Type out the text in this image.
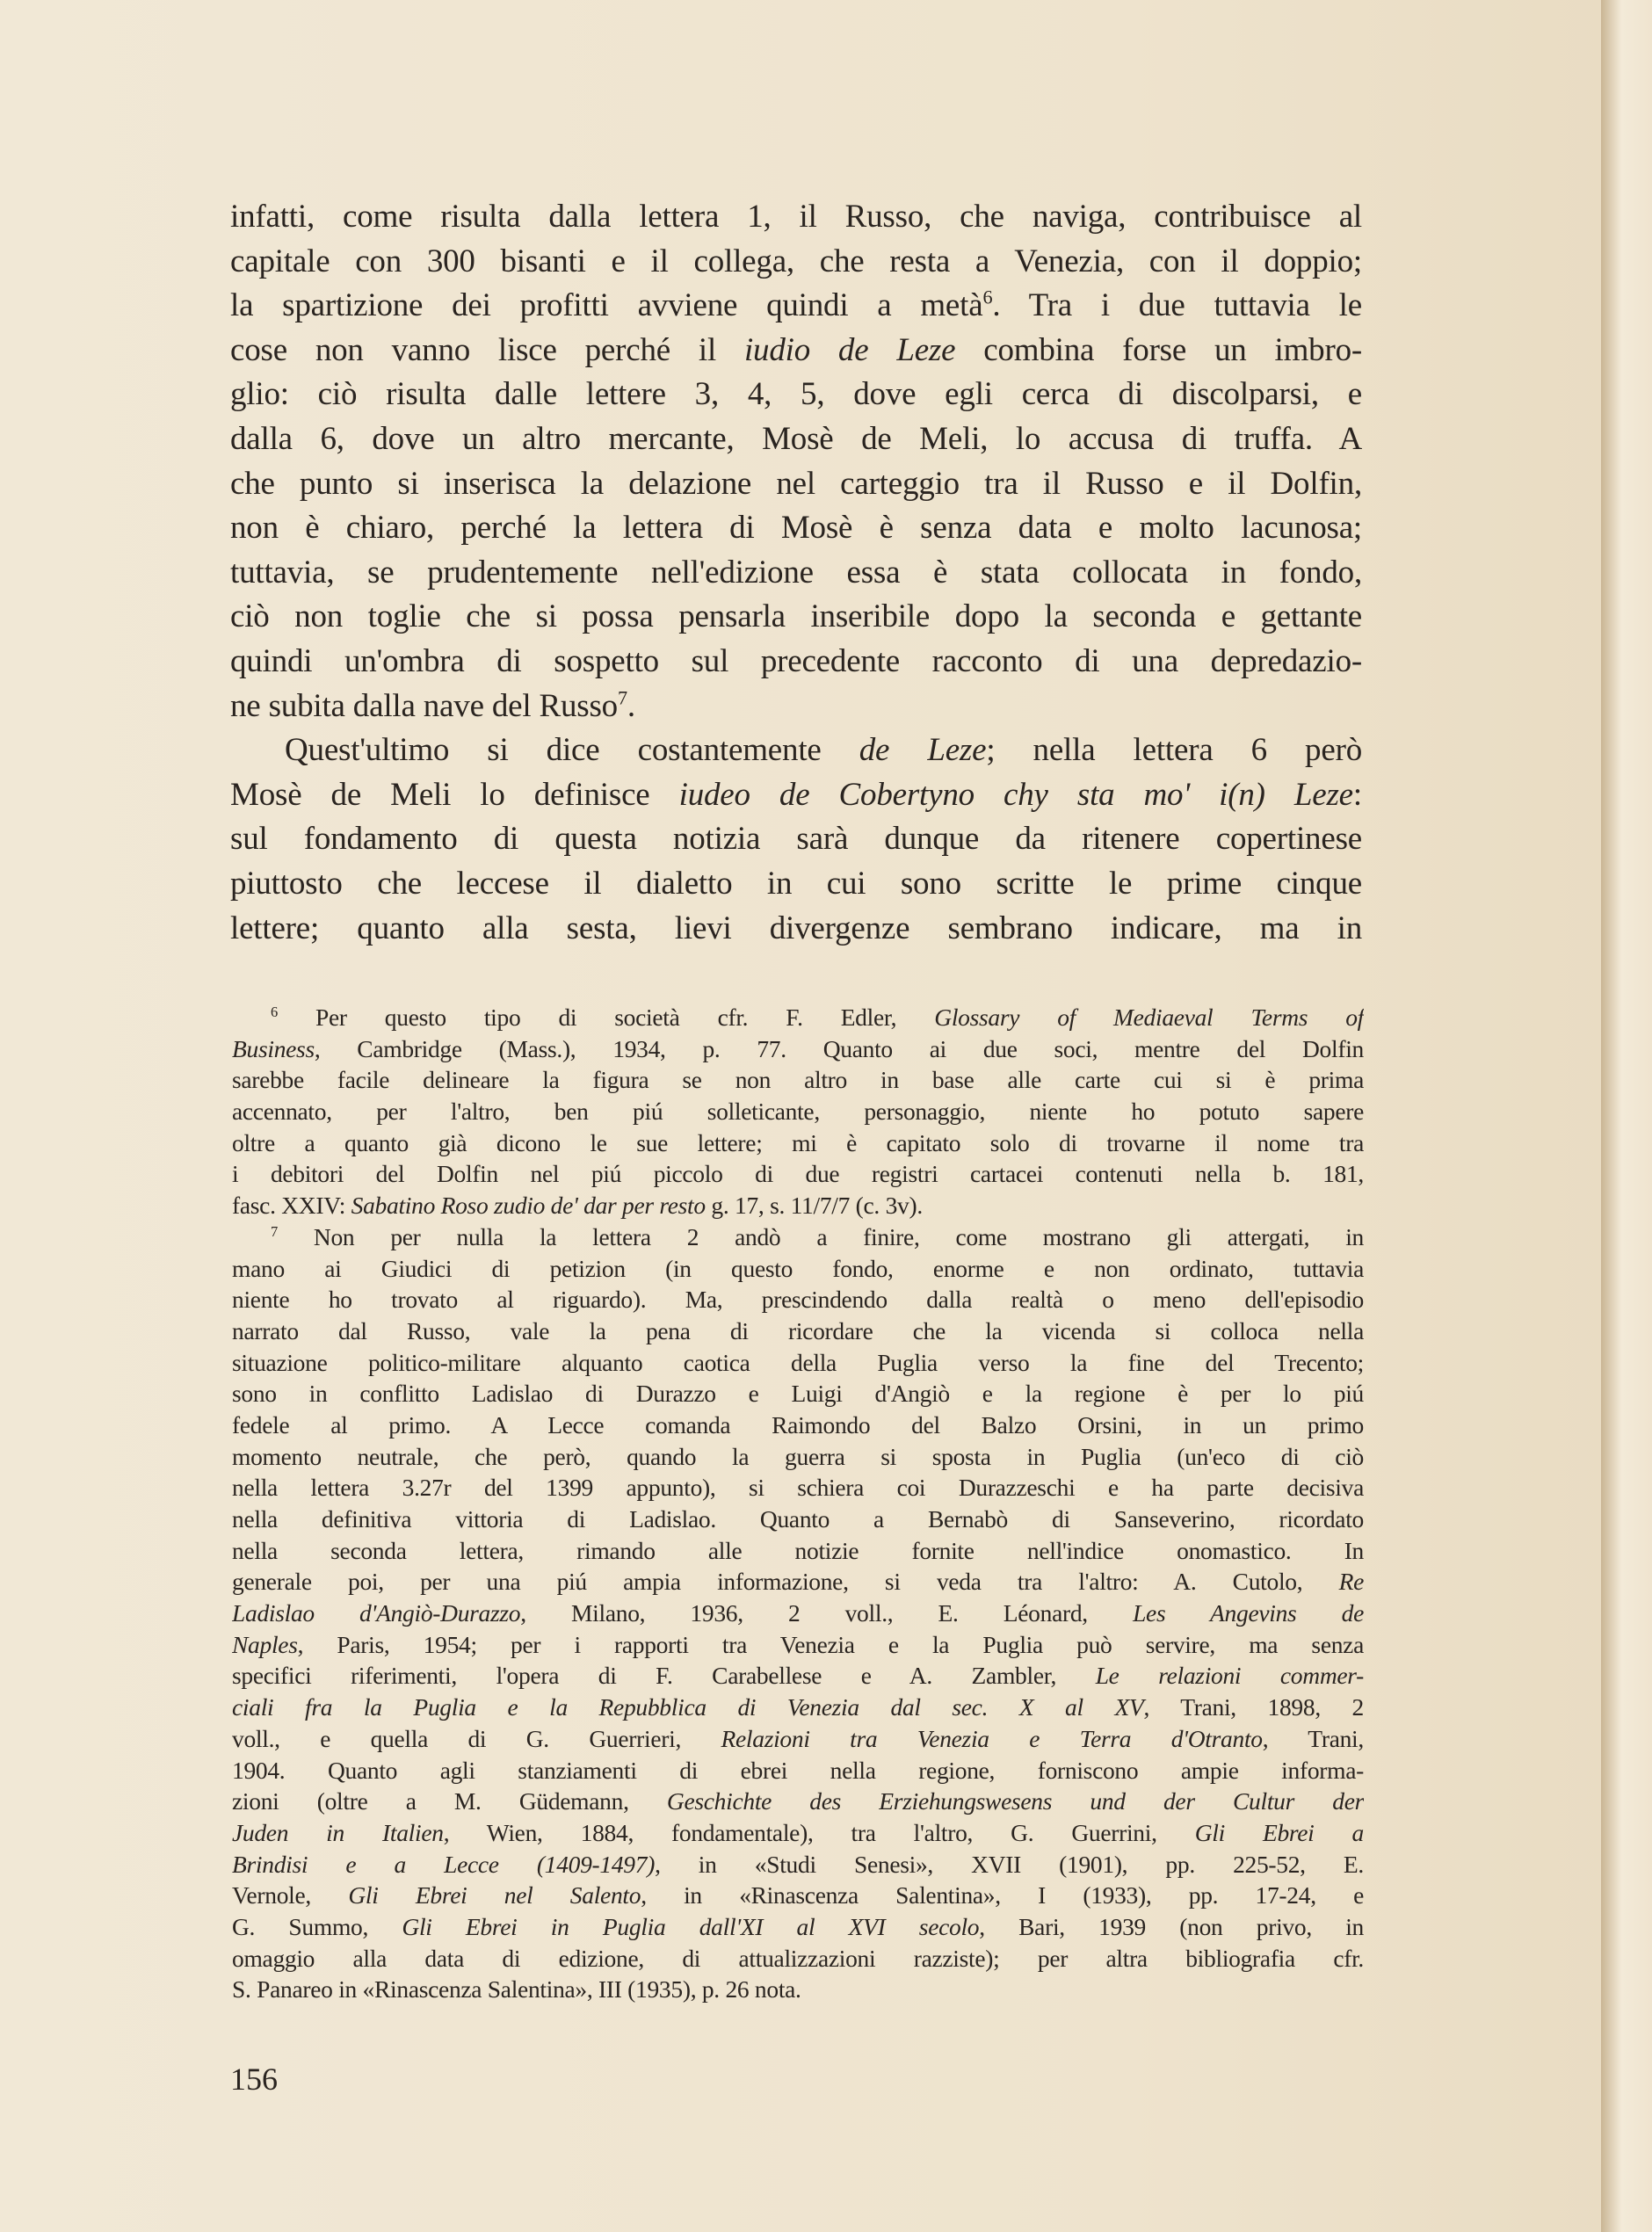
infatti, come risulta dalla lettera 1, il Russo, che naviga, contribuisce al
capitale con 300 bisanti e il collega, che resta a Venezia, con il doppio;
la spartizione dei profitti avviene quindi a metà$^6$. Tra i due tuttavia le
cose non vanno lisce perché il iudio de Leze combina forse un imbro-
glio: ciò risulta dalle lettere 3, 4, 5, dove egli cerca di discolparsi, e
dalla 6, dove un altro mercante, Mosè de Meli, lo accusa di truffa. A
che punto si inserisca la delazione nel carteggio tra il Russo e il Dolfin,
non è chiaro, perché la lettera di Mosè è senza data e molto lacunosa;
tuttavia, se prudentemente nell'edizione essa è stata collocata in fondo,
ciò non toglie che si possa pensarla inseribile dopo la seconda e gettante
quindi un'ombra di sospetto sul precedente racconto di una depredazio-
ne subita dalla nave del Russo$^7$.
Quest'ultimo si dice costantemente de Leze; nella lettera 6 però
Mosè de Meli lo definisce iudeo de Cobertyno chy sta mo' i(n) Leze:
sul fondamento di questa notizia sarà dunque da ritenere copertinese
piuttosto che leccese il dialetto in cui sono scritte le prime cinque
lettere; quanto alla sesta, lievi divergenze sembrano indicare, ma in
$^6$ Per questo tipo di società cfr. F. Edler, Glossary of Mediaeval Terms of
Business, Cambridge (Mass.), 1934, p. 77. Quanto ai due soci, mentre del Dolfin
sarebbe facile delineare la figura se non altro in base alle carte cui si è prima
accennato, per l'altro, ben piú solleticante, personaggio, niente ho potuto sapere
oltre a quanto già dicono le sue lettere; mi è capitato solo di trovarne il nome tra
i debitori del Dolfin nel piú piccolo di due registri cartacei contenuti nella b. 181,
fasc. XXIV: Sabatino Roso zudio de' dar per resto g. 17, s. 11/7/7 (c. 3v).
$^7$ Non per nulla la lettera 2 andò a finire, come mostrano gli attergati, in
mano ai Giudici di petizion (in questo fondo, enorme e non ordinato, tuttavia
niente ho trovato al riguardo). Ma, prescindendo dalla realtà o meno dell'episodio
narrato dal Russo, vale la pena di ricordare che la vicenda si colloca nella
situazione politico-militare alquanto caotica della Puglia verso la fine del Trecento;
sono in conflitto Ladislao di Durazzo e Luigi d'Angiò e la regione è per lo piú
fedele al primo. A Lecce comanda Raimondo del Balzo Orsini, in un primo
momento neutrale, che però, quando la guerra si sposta in Puglia (un'eco di ciò
nella lettera 3.27r del 1399 appunto), si schiera coi Durazzeschi e ha parte decisiva
nella definitiva vittoria di Ladislao. Quanto a Bernabò di Sanseverino, ricordato
nella seconda lettera, rimando alle notizie fornite nell'indice onomastico. In
generale poi, per una piú ampia informazione, si veda tra l'altro: A. Cutolo, Re
Ladislao d'Angiò-Durazzo, Milano, 1936, 2 voll., E. Léonard, Les Angevins de
Naples, Paris, 1954; per i rapporti tra Venezia e la Puglia può servire, ma senza
specifici riferimenti, l'opera di F. Carabellese e A. Zambler, Le relazioni commer-
ciali fra la Puglia e la Repubblica di Venezia dal sec. X al XV, Trani, 1898, 2
voll., e quella di G. Guerrieri, Relazioni tra Venezia e Terra d'Otranto, Trani,
1904. Quanto agli stanziamenti di ebrei nella regione, forniscono ampie informa-
zioni (oltre a M. Güdemann, Geschichte des Erziehungswesens und der Cultur der
Juden in Italien, Wien, 1884, fondamentale), tra l'altro, G. Guerrini, Gli Ebrei a
Brindisi e a Lecce (1409-1497), in «Studi Senesi», XVII (1901), pp. 225-52, E.
Vernole, Gli Ebrei nel Salento, in «Rinascenza Salentina», I (1933), pp. 17-24, e
G. Summo, Gli Ebrei in Puglia dall'XI al XVI secolo, Bari, 1939 (non privo, in
omaggio alla data di edizione, di attualizzazioni razziste); per altra bibliografia cfr.
S. Panareo in «Rinascenza Salentina», III (1935), p. 26 nota.
156
